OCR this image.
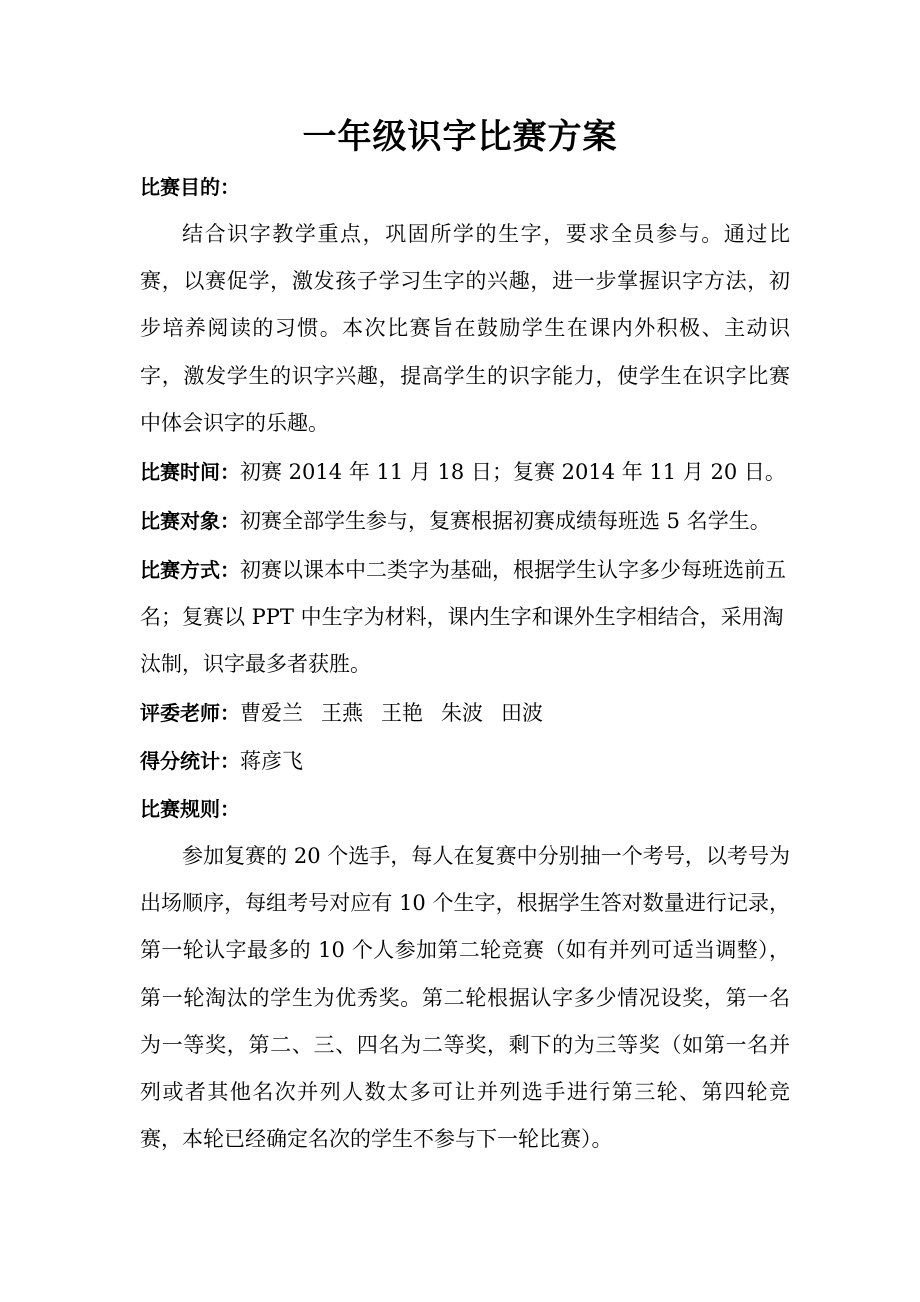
一年级识字比赛方案
比赛目的：

结合识字教学重点，巩固所学的生字，要求全员参与。通过比赛，以赛促学，激发孩子学习生字的兴趣，进一步掌握识字方法，初步培养阅读的习惯。本次比赛旨在鼓励学生在课内外积极、主动识字，激发学生的识字兴趣，提高学生的识字能力，使学生在识字比赛中体会识字的乐趣。

比赛时间：初赛 2014 年 11 月 18 日；复赛 2014 年 11 月 20 日。
比赛对象：初赛全部学生参与，复赛根据初赛成绩每班选 5 名学生。
比赛方式：初赛以课本中二类字为基础，根据学生认字多少每班选前五名；复赛以 PPT 中生字为材料，课内生字和课外生字相结合，采用淘汰制，识字最多者获胜。
评委老师：曹爱兰 王燕 王艳 朱波 田波
得分统计：蒋彦飞
比赛规则：

参加复赛的 20 个选手，每人在复赛中分别抽一个考号，以考号为出场顺序，每组考号对应有 10 个生字，根据学生答对数量进行记录，第一轮认字最多的 10 个人参加第二轮竞赛（如有并列可适当调整），第一轮淘汰的学生为优秀奖。第二轮根据认字多少情况设奖，第一名为一等奖，第二、三、四名为二等奖，剩下的为三等奖（如第一名并列或者其他名次并列人数太多可让并列选手进行第三轮、第四轮竞赛，本轮已经确定名次的学生不参与下一轮比赛）。
